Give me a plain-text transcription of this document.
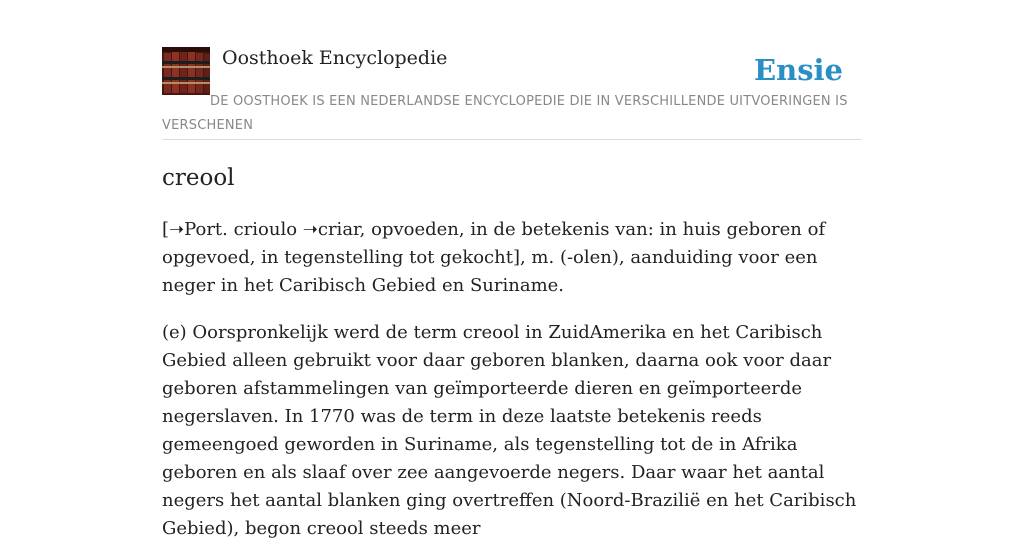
Oosthoek Encyclopedie	Ensie
DE OOSTHOEK IS EEN NEDERLANDSE ENCYCLOPEDIE DIE IN VERSCHILLENDE UITVOERINGEN IS VERSCHENEN
creool

[➝Port. crioulo ➝criar, opvoeden, in de betekenis van: in huis geboren of opgevoed, in tegenstelling tot gekocht], m. (-olen), aanduiding voor een neger in het Caribisch Gebied en Suriname.

(e) Oorspronkelijk werd de term creool in ZuidAmerika en het Caribisch Gebied alleen gebruikt voor daar geboren blanken, daarna ook voor daar geboren afstammelingen van geïmporteerde dieren en geïmporteerde negerslaven. In 1770 was de term in deze laatste betekenis reeds gemeengoed geworden in Suriname, als tegenstelling tot de in Afrika geboren en als slaaf over zee aangevoerde negers. Daar waar het aantal negers het aantal blanken ging overtreffen (Noord-Brazilië en het Caribisch Gebied), begon creool steeds meer
